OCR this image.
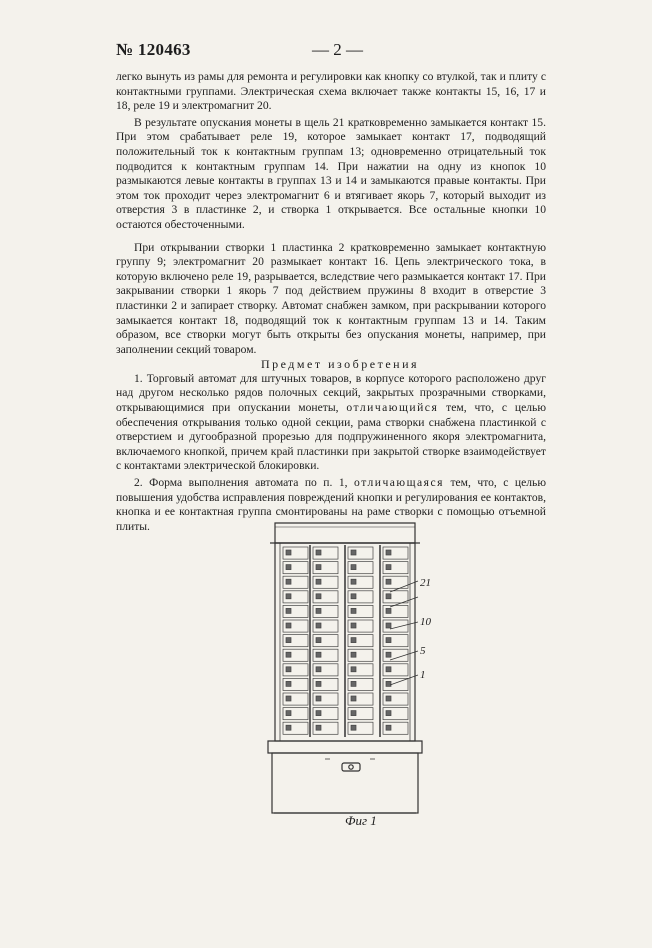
№ 120463	— 2 —

легко вынуть из рамы для ремонта и регулировки как кнопку со втулкой, так и плиту с контактными группами. Электрическая схема включает также контакты 15, 16, 17 и 18, реле 19 и электромагнит 20.

В результате опускания монеты в щель 21 кратковременно замыкается контакт 15. При этом срабатывает реле 19, которое замыкает контакт 17, подводящий положительный ток к контактным группам 13; одновременно отрицательный ток подводится к контактным группам 14. При нажатии на одну из кнопок 10 размыкаются левые контакты в группах 13 и 14 и замыкаются правые контакты. При этом ток проходит через электромагнит 6 и втягивает якорь 7, который выходит из отверстия 3 в пластинке 2, и створка 1 открывается. Все остальные кнопки 10 остаются обесточенными.

При открывании створки 1 пластинка 2 кратковременно замыкает контактную группу 9; электромагнит 20 размыкает контакт 16. Цепь электрического тока, в которую включено реле 19, разрывается, вследствие чего размыкается контакт 17. При закрывании створки 1 якорь 7 под действием пружины 8 входит в отверстие 3 пластинки 2 и запирает створку. Автомат снабжен замком, при раскрывании которого замыкается контакт 18, подводящий ток к контактным группам 13 и 14. Таким образом, все створки могут быть открыты без опускания монеты, например, при заполнении секций товаром.

Предмет изобретения

1. Торговый автомат для штучных товаров, в корпусе которого расположено друг над другом несколько рядов полочных секций, закрытых прозрачными створками, открывающимися при опускании монеты, отличающийся тем, что, с целью обеспечения открывания только одной секции, рама створки снабжена пластинкой с отверстием и дугообразной прорезью для подпружиненного якоря электромагнита, включаемого кнопкой, причем край пластинки при закрытой створке взаимодействует с контактами электрической блокировки.

2. Форма выполнения автомата по п. 1, отличающаяся тем, что, с целью повышения удобства исправления повреждений кнопки и регулирования ее контактов, кнопка и ее контактная группа смонтированы на раме створки с помощью отъемной плиты.

21
10
5
1
Фиг 1
